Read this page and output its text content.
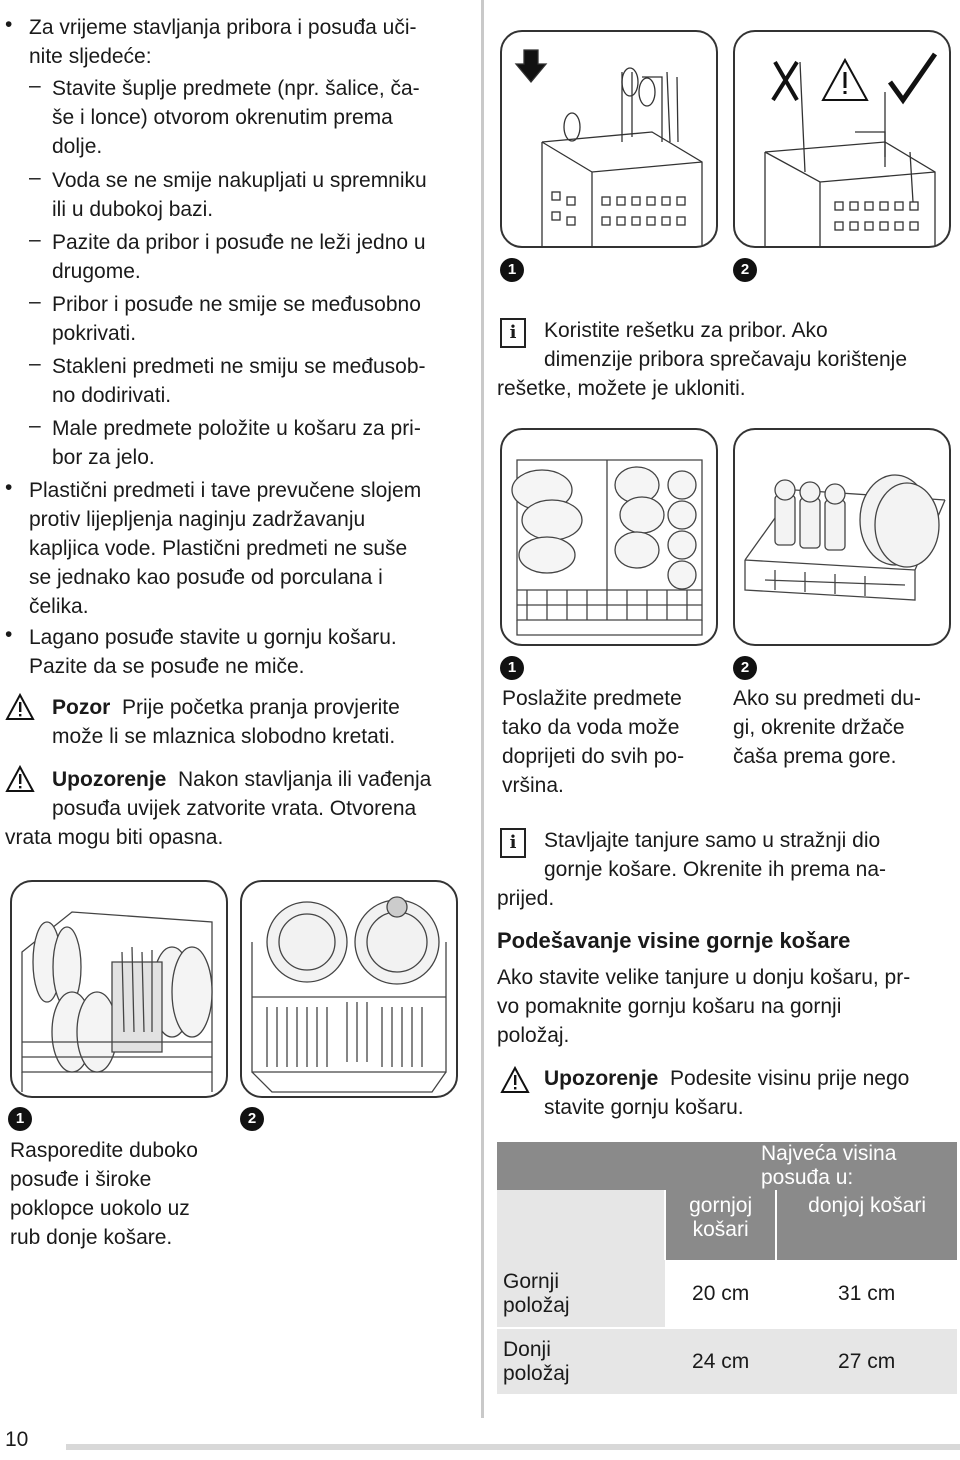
• Za vrijeme stavljanja pribora i posuđa uči-
nite sljedeće:
– Stavite šuplje predmete (npr. šalice, ča-
še i lonce) otvorom okrenutim prema
dolje.
– Voda se ne smije nakupljati u spremniku
ili u dubokoj bazi.
– Pazite da pribor i posuđe ne leži jedno u
drugome.
– Pribor i posuđe ne smije se međusobno
pokrivati.
– Stakleni predmeti ne smiju se međusob-
no dodirivati.
– Male predmete položite u košaru za pri-
bor za jelo.
• Plastični predmeti i tave prevučene slojem
protiv lijepljenja naginju zadržavanju
kapljica vode. Plastični predmeti ne suše
se jednako kao posuđe od porculana i
čelika.
• Lagano posuđe stavite u gornju košaru.
Pazite da se posuđe ne miče.
Pozor Prije početka pranja provjerite
može li se mlaznica slobodno kretati.
Upozorenje Nakon stavljanja ili vađenja
posuđa uvijek zatvorite vrata. Otvorena
vrata mogu biti opasna.
1	2
Rasporedite duboko
posuđe i široke
poklopce uokolo uz
rub donje košare.
1	2
i	Koristite rešetku za pribor. Ako
dimenzije pribora sprečavaju korištenje
rešetke, možete je ukloniti.
1	2
Poslažite predmete
tako da voda može
doprijeti do svih po-
vršina.
Ako su predmeti du-
gi, okrenite držače
čaša prema gore.
i	Stavljajte tanjure samo u stražnji dio
gornje košare. Okrenite ih prema na-
prijed.
Podešavanje visine gornje košare
Ako stavite velike tanjure u donju košaru, pr-
vo pomaknite gornju košaru na gornji
položaj.
Upozorenje Podesite visinu prije nego
stavite gornju košaru.
	Najveća visina posuđa u:	

	gornjoj
košari	donjoj košari

Gornji
položaj	20 cm	31 cm

Donji
položaj	24 cm	27 cm
10
